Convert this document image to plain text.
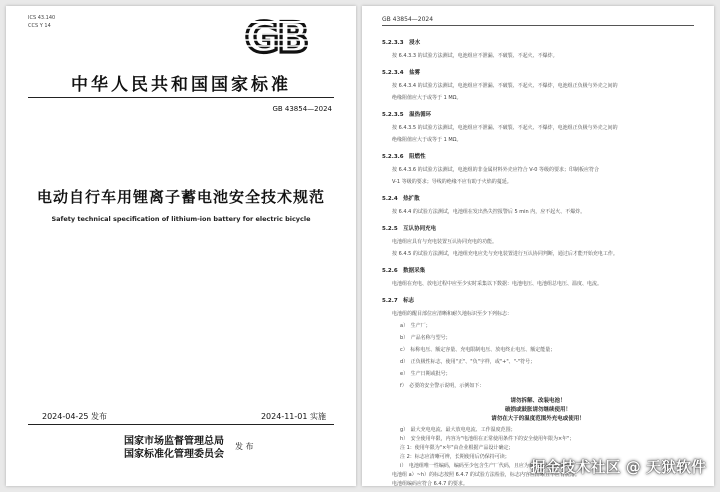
ICS 43.140
CCS Y 14	GB
中华人民共和国国家标准
GB 43854—2024
电动自行车用锂离子蓄电池安全技术规范
Safety technical specification of lithium-ion battery for electric bicycle
2024-04-25 发布	2024-11-01 实施
国家市场监督管理总局
国家标准化管理委员会
发 布
GB 43854—2024
5.2.3.3　浸水
按 6.4.3.3 的试验方法测试，电池组应不泄漏、不破裂、不起火、不爆炸。
5.2.3.4　盐雾
按 6.4.3.4 的试验方法测试，电池组应不泄漏、不破裂、不起火、不爆炸，电池组正负极与外壳之间的
绝缘阻值应大于或等于 1 MΩ。
5.2.3.5　温热循环
按 6.4.3.5 的试验方法测试，电池组应不泄漏、不破裂、不起火、不爆炸，电池组正负极与外壳之间的
绝缘阻值应大于或等于 1 MΩ。
5.2.3.6　阻燃性
按 6.4.3.6 的试验方法测试，电池组的非金属材料外壳应符合 V-0 等级的要求；印制板应符合
V-1 等级的要求；导线的绝缘不应有助于火焰的蔓延。
5.2.4　热扩散
按 6.4.4 的试验方法测试，电池组在发出热失控报警后 5 min 内，应不起火、不爆炸。
5.2.5　互认协同充电
电池组应具有与充电装置互认协同充电的功能。
按 6.4.5 的试验方法测试，电池组充电应先与充电装置进行互认协同判断，通过后才能开始充电工作。
5.2.6　数据采集
电池组在充电、放电过程中应至少实时采集以下数据：电池电压、电池组总电压、温度、电流。
5.2.7　标志
电池组的醒目部位应清晰和耐久地标识至少下列标志：
a）　生产厂；
b）　产品名称与型号；
c）　标称电压、额定容量、充电限制电压、放电终止电压、额定能量；
d）　正负极性标志，使用"正"、"负"字样，或"+"、"-"符号；
e）　生产日期或批号；
f）　必要的安全警示说明，示例如下：
请勿拆解、改装电池！
破损或鼓胀请勿继续使用！
请勿在大于的温度范围外充电或使用！
g）　最大充电电流、最大放电电流、工作温度范围；
h）　安全使用年限，内容为"电池组在正常使用条件下的安全使用年限为×年"；
注 1：使用年限为"×年"由企业根据产品设计确定；
注 2：标志应清晰可辨，长期使用后仍保持可读；
i）　电池组唯一性编码，编码至少包含生产厂代码，且应为耐高温永久性标识。
电池组 a）~h）的标志按照 6.4.7 的试验方法检验，标志内容应清晰且不应有脱落。
电池组编码应符合 6.4.7 的要求。
掘金技术社区 @ 天狱软件
